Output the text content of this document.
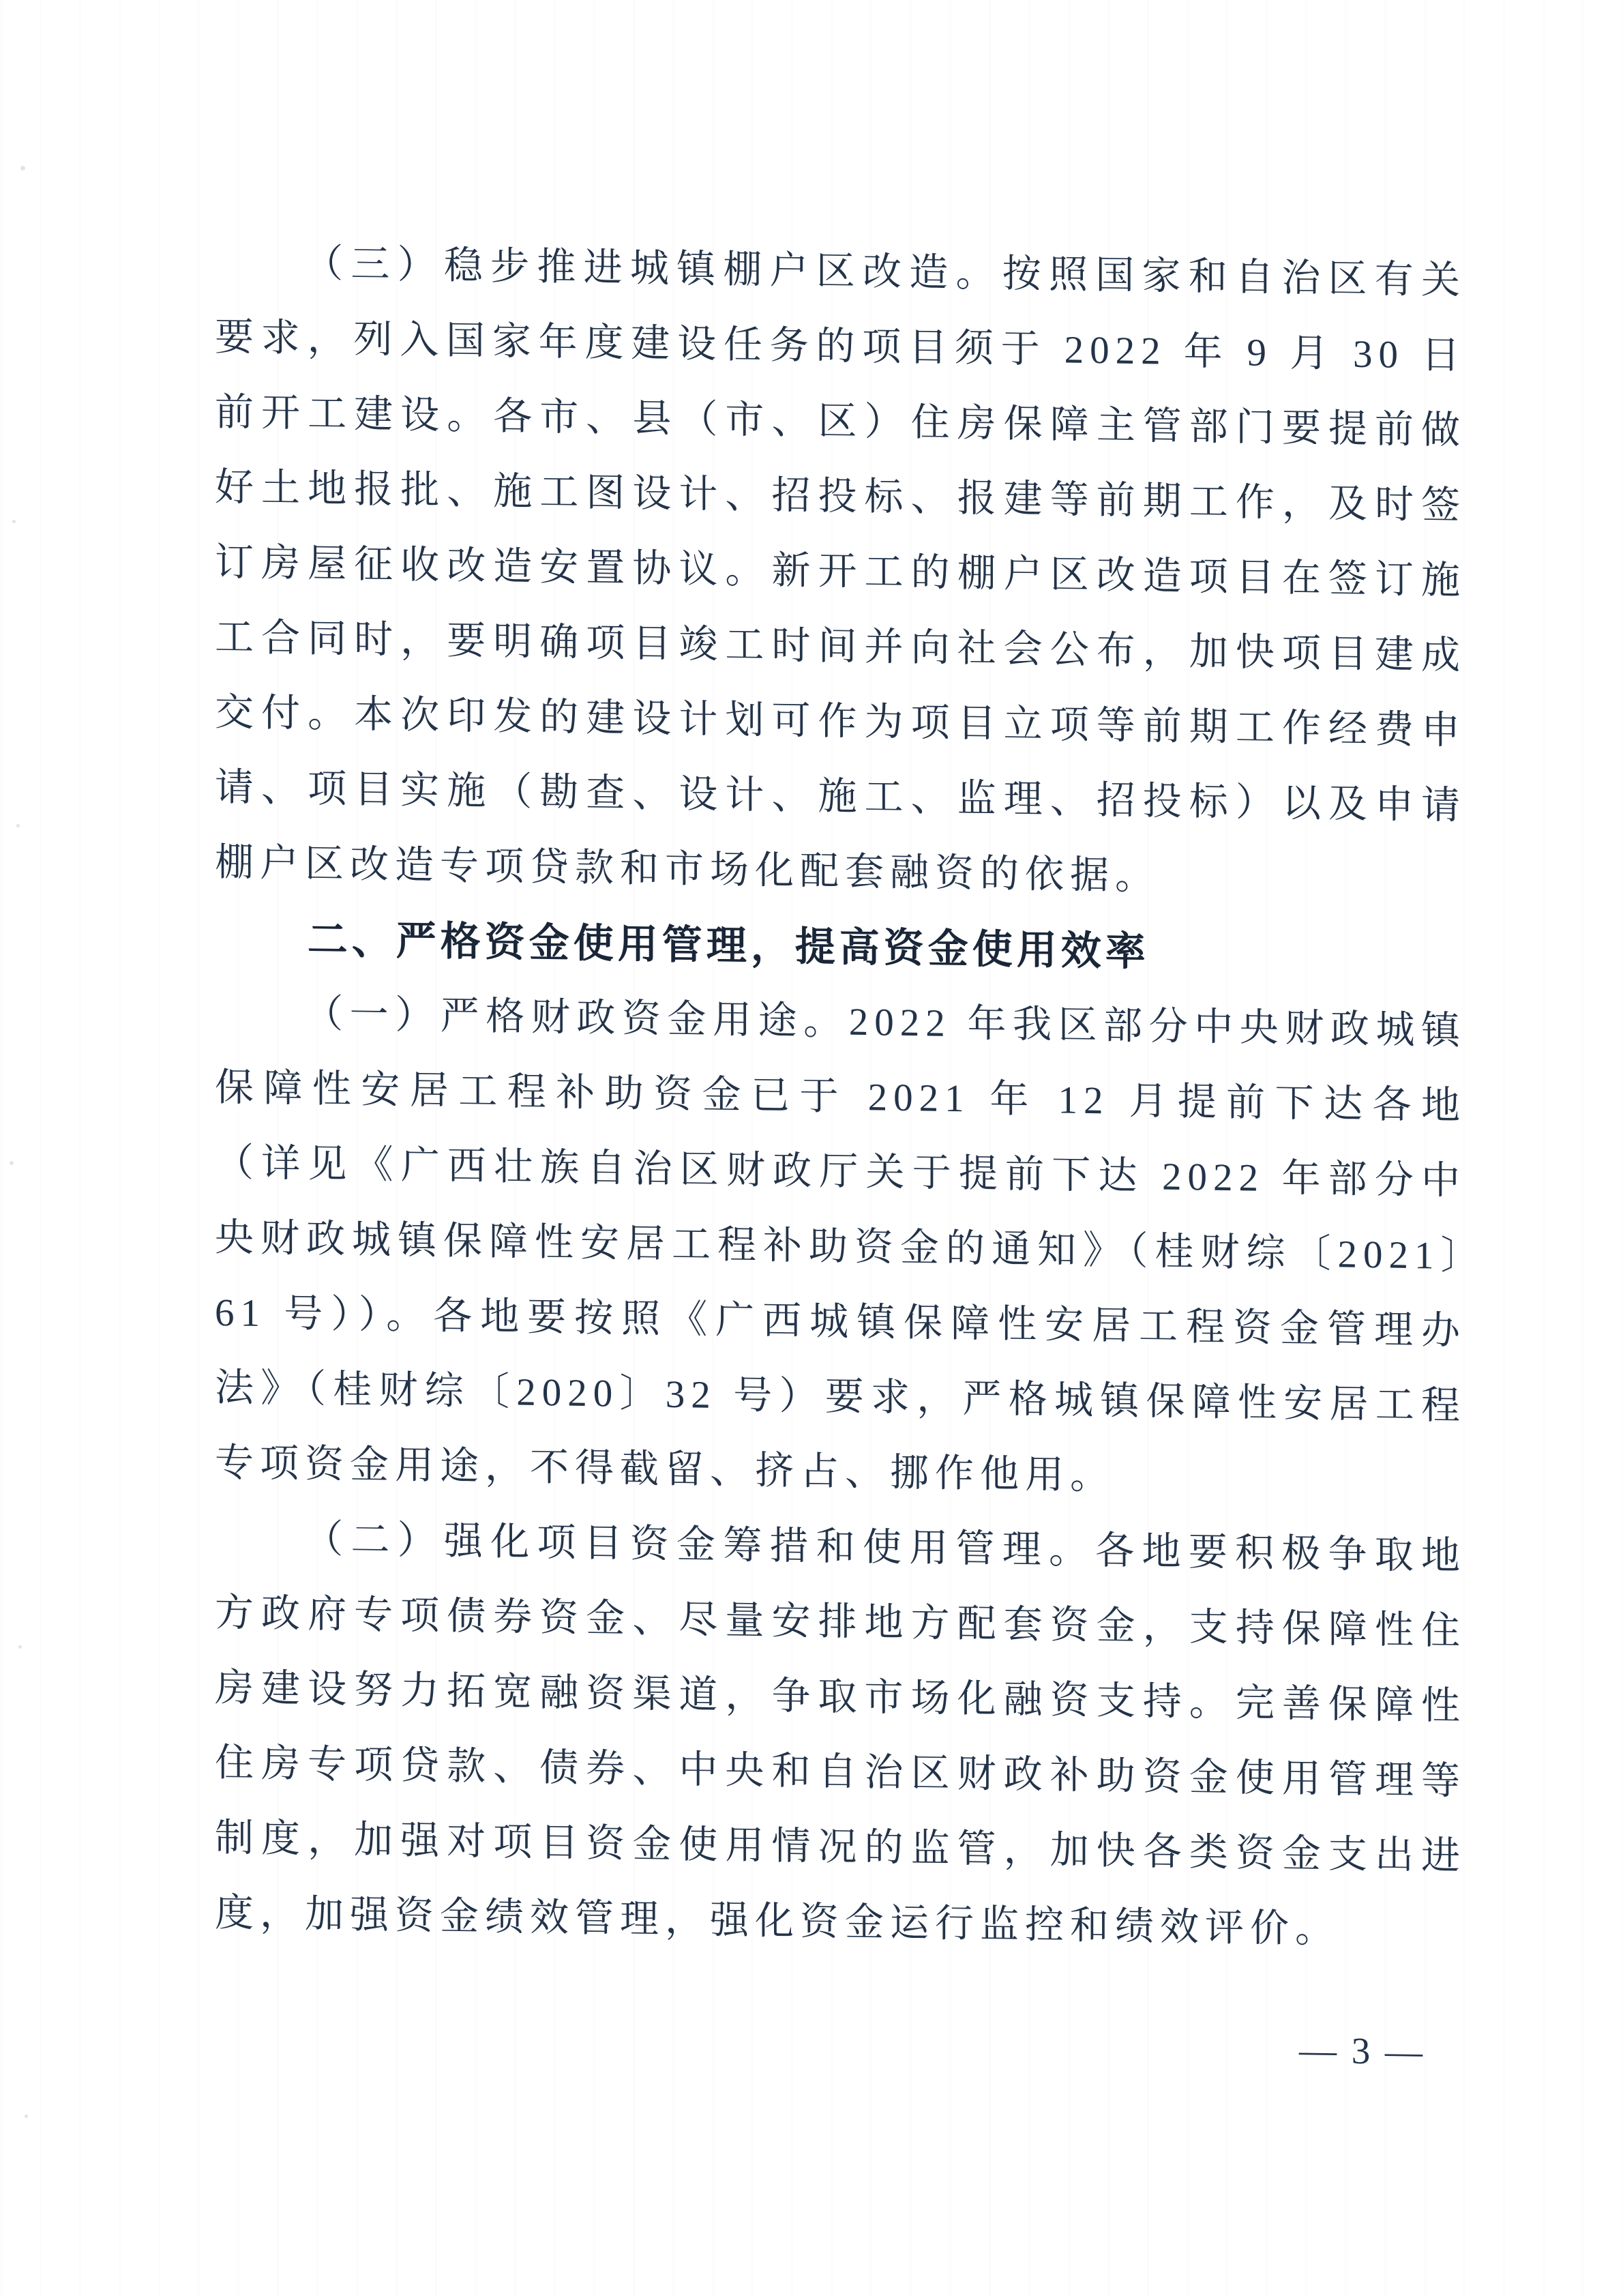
（三）稳步推进城镇棚户区改造。按照国家和自治区有关要求，列入国家年度建设任务的项目须于 2022 年 9 月 30 日前开工建设。各市、县（市、区）住房保障主管部门要提前做好土地报批、施工图设计、招投标、报建等前期工作，及时签订房屋征收改造安置协议。新开工的棚户区改造项目在签订施工合同时，要明确项目竣工时间并向社会公布，加快项目建成交付。本次印发的建设计划可作为项目立项等前期工作经费申请、项目实施（勘查、设计、施工、监理、招投标）以及申请棚户区改造专项贷款和市场化配套融资的依据。

二、严格资金使用管理，提高资金使用效率

（一）严格财政资金用途。2022 年我区部分中央财政城镇保障性安居工程补助资金已于 2021 年 12 月提前下达各地（详见《广西壮族自治区财政厅关于提前下达 2022 年部分中央财政城镇保障性安居工程补助资金的通知》（桂财综〔2021〕61 号））。各地要按照《广西城镇保障性安居工程资金管理办法》（桂财综〔2020〕32 号）要求，严格城镇保障性安居工程专项资金用途，不得截留、挤占、挪作他用。

（二）强化项目资金筹措和使用管理。各地要积极争取地方政府专项债券资金、尽量安排地方配套资金，支持保障性住房建设努力拓宽融资渠道，争取市场化融资支持。完善保障性住房专项贷款、债券、中央和自治区财政补助资金使用管理等制度，加强对项目资金使用情况的监管，加快各类资金支出进度，加强资金绩效管理，强化资金运行监控和绩效评价。

— 3 —
